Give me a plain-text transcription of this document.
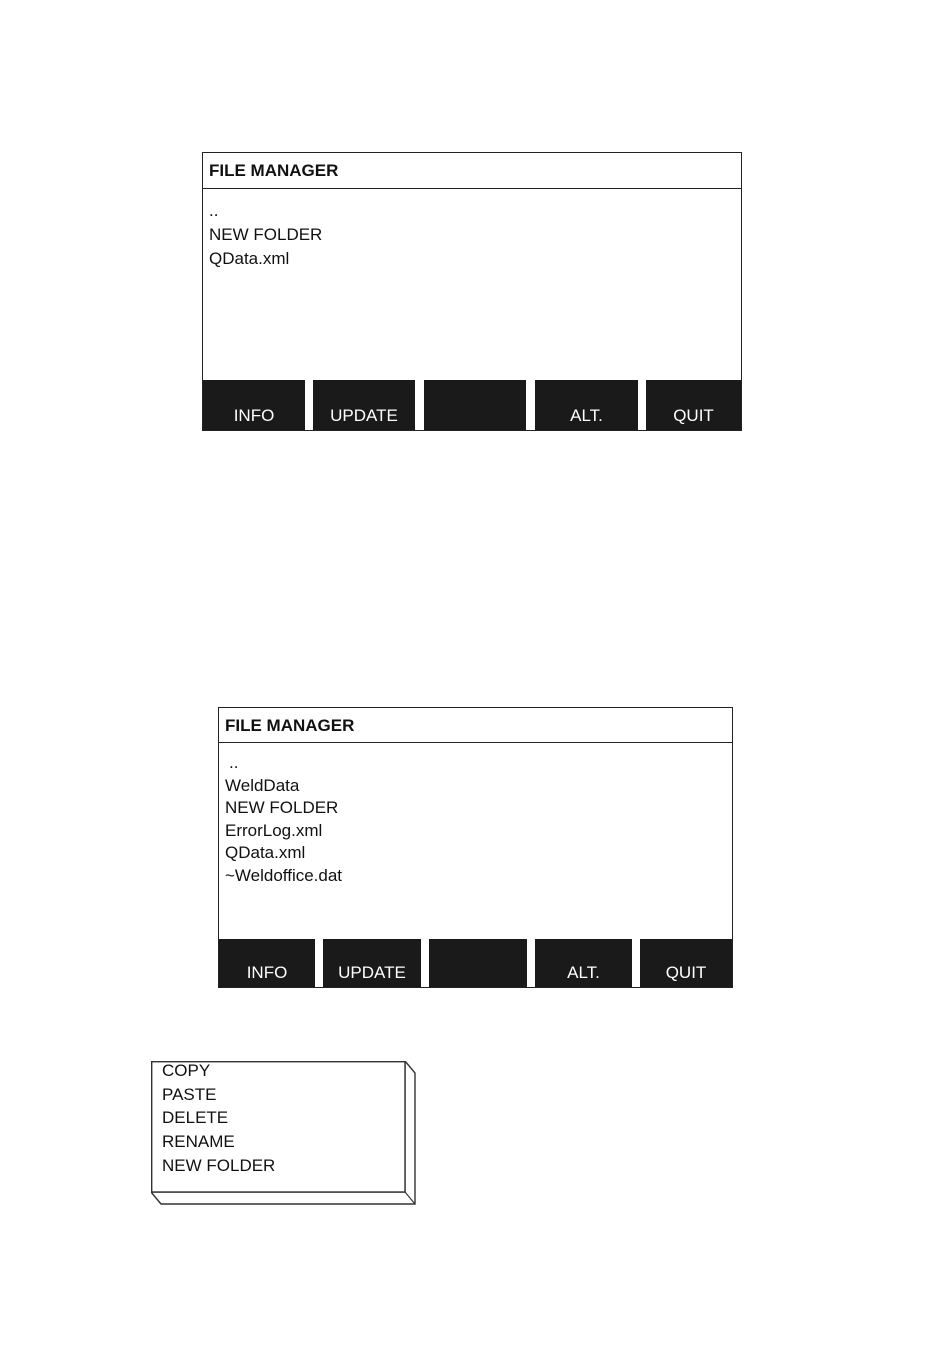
FILE MANAGER
..
NEW FOLDER
QData.xml
INFO	UPDATE	ALT.	QUIT
FILE MANAGER
..
WeldData
NEW FOLDER
ErrorLog.xml
QData.xml
~Weldoffice.dat
INFO	UPDATE	ALT.	QUIT
COPY
PASTE
DELETE
RENAME
NEW FOLDER
